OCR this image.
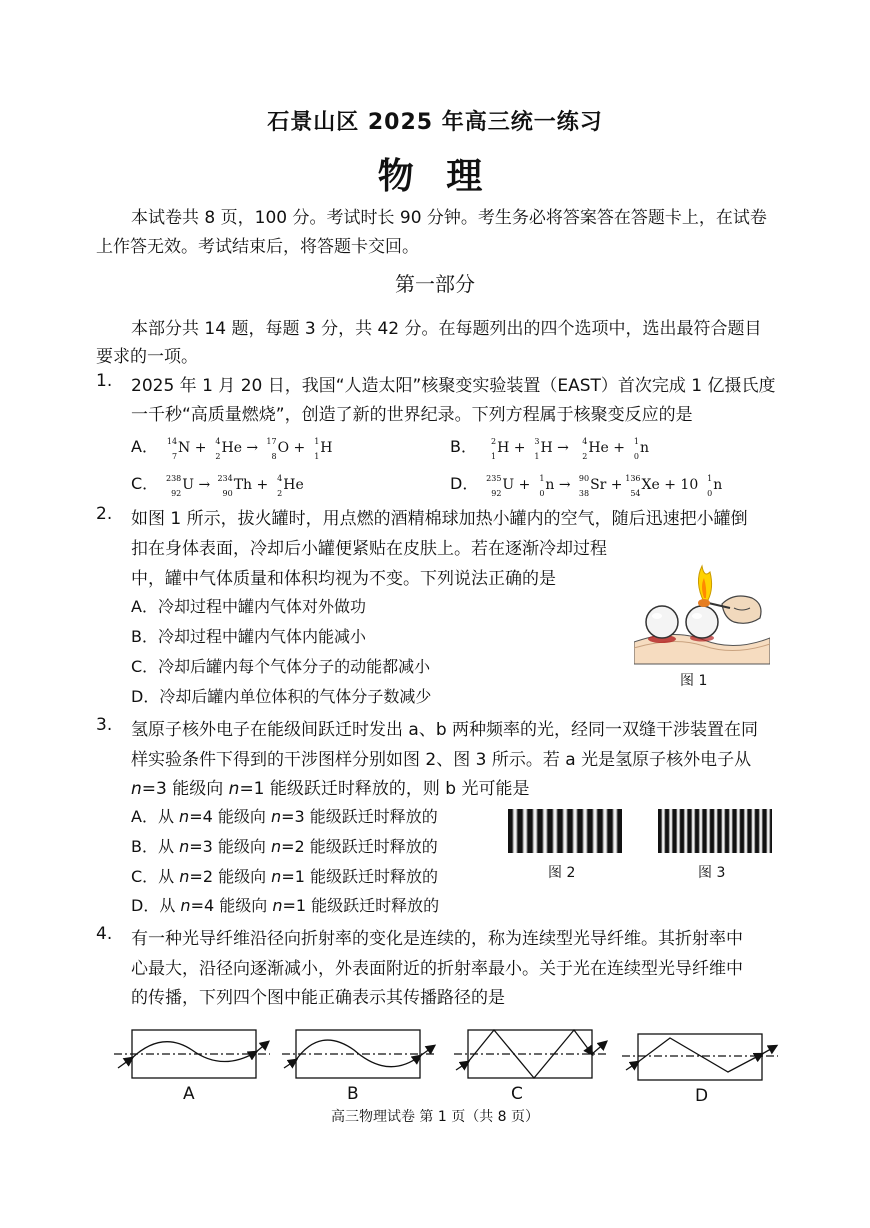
石景山区 2025 年高三统一练习
物 理
本试卷共 8 页，100 分。考试时长 90 分钟。考生务必将答案答在答题卡上，在试卷
上作答无效。考试结束后，将答题卡交回。
第一部分
本部分共 14 题，每题 3 分，共 42 分。在每题列出的四个选项中，选出最符合题目
要求的一项。
1. 2025 年 1 月 20 日，我国“人造太阳”核聚变实验装置（EAST）首次完成 1 亿摄氏度
一千秒“高质量燃烧”，创造了新的世界纪录。下列方程属于核聚变反应的是
A． 14
7
N + 4
2
He → 17
8
O + 1
1
H	B． 2
1
H + 3
1
H → 4
2
He + 1
0
n
C． 238
92
U → 234
90
Th + 4
2
He	D． 235
92
U + 1
0
n → 90
38
Sr + 136
54
Xe + 10 1
0
n
2. 如图 1 所示，拔火罐时，用点燃的酒精棉球加热小罐内的空气，随后迅速把小罐倒
扣在身体表面，冷却后小罐便紧贴在皮肤上。若在逐渐冷却过程
中，罐中气体质量和体积均视为不变。下列说法正确的是
A．冷却过程中罐内气体对外做功
B．冷却过程中罐内气体内能减小
C．冷却后罐内每个气体分子的动能都减小
D．冷却后罐内单位体积的气体分子数减少
图 1
3. 氢原子核外电子在能级间跃迁时发出 a、b 两种频率的光，经同一双缝干涉装置在同
样实验条件下得到的干涉图样分别如图 2、图 3 所示。若 a 光是氢原子核外电子从
n=3 能级向 n=1 能级跃迁时释放的，则 b 光可能是
A．从 n=4 能级向 n=3 能级跃迁时释放的
B．从 n=3 能级向 n=2 能级跃迁时释放的
C．从 n=2 能级向 n=1 能级跃迁时释放的
D．从 n=4 能级向 n=1 能级跃迁时释放的
图 2	图 3
4. 有一种光导纤维沿径向折射率的变化是连续的，称为连续型光导纤维。其折射率中
心最大，沿径向逐渐减小，外表面附近的折射率最小。关于光在连续型光导纤维中
的传播，下列四个图中能正确表示其传播路径的是
A	B	C	D
高三物理试卷 第 1 页（共 8 页）
